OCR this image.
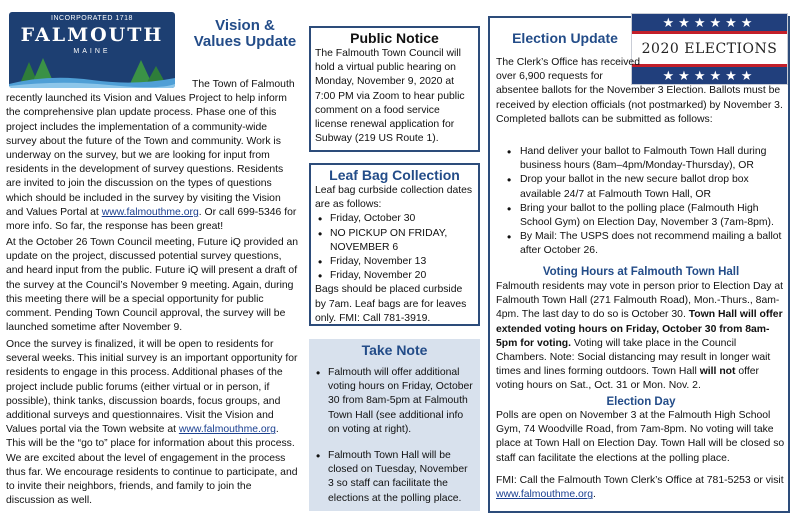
INCORPORATED 1718
FALMOUTH
MAINE
Vision & Values Update

The Town of Falmouth recently launched its Vision and Values Project to help inform the comprehensive plan update process. Phase one of this project includes the implementation of a community-wide survey about the future of the Town and community. Work is underway on the survey, but we are looking for input from residents in the development of survey questions. Residents are invited to join the discussion on the types of questions which should be included in the survey by visiting the Vision and Values Portal at www.falmouthme.org. Or call 699-5346 for more info. So far, the response has been great!

At the October 26 Town Council meeting, Future iQ provided an update on the project, discussed potential survey questions, and heard input from the public. Future iQ will present a draft of the survey at the Council’s November 9 meeting. Again, during this meeting there will be a special opportunity for public comment. Pending Town Council approval, the survey will be launched sometime after November 9.

Once the survey is finalized, it will be open to residents for several weeks. This initial survey is an important opportunity for residents to engage in this process. Additional phases of the project include public forums (either virtual or in person, if possible), think tanks, discussion boards, focus groups, and additional surveys and questionnaires. Visit the Vision and Values portal via the Town website at www.falmouthme.org. This will be the “go to” place for information about this process. We are excited about the level of engagement in the process thus far. We encourage residents to continue to participate, and to invite their neighbors, friends, and family to join the discussion as well.

Public Notice

The Falmouth Town Council will hold a virtual public hearing on Monday, November 9, 2020 at 7:00 PM via Zoom to hear public comment on a food service license renewal application for Subway (219 US Route 1).

Leaf Bag Collection

Leaf bag curbside collection dates are as follows:

• Friday, October 30
• NO PICKUP ON FRIDAY, NOVEMBER 6
• Friday, November 13
• Friday, November 20

Bags should be placed curbside by 7am. Leaf bags are for leaves only. FMI: Call 781-3919.

Take Note
• Falmouth will offer additional voting hours on Friday, October 30 from 8am-5pm at Falmouth Town Hall (see additional info on voting at right).
• Falmouth Town Hall will be closed on Tuesday, November 3 so staff can facilitate the elections at the polling place.
Election Update
★★★★★★
2020 ELECTIONS
★★★★★★

The Clerk’s Office has received over 6,900 requests for absentee ballots for the November 3 Election. Ballots must be received by election officials (not postmarked) by November 3. Completed ballots can be submitted as follows:

• Hand deliver your ballot to Falmouth Town Hall during business hours (8am–4pm/Monday-Thursday), OR
• Drop your ballot in the new secure ballot drop box available 24/7 at Falmouth Town Hall, OR
• Bring your ballot to the polling place (Falmouth High School Gym) on Election Day, November 3 (7am-8pm).
• By Mail: The USPS does not recommend mailing a ballot after October 26.
Voting Hours at Falmouth Town Hall

Falmouth residents may vote in person prior to Election Day at Falmouth Town Hall (271 Falmouth Road), Mon.-Thurs., 8am-4pm. The last day to do so is October 30. Town Hall will offer extended voting hours on Friday, October 30 from 8am-5pm for voting. Voting will take place in the Council Chambers. Note: Social distancing may result in longer wait times and lines forming outdoors. Town Hall will not offer voting hours on Sat., Oct. 31 or Mon. Nov. 2.

Election Day

Polls are open on November 3 at the Falmouth High School Gym, 74 Woodville Road, from 7am-8pm. No voting will take place at Town Hall on Election Day. Town Hall will be closed so staff can facilitate the elections at the polling place.

FMI: Call the Falmouth Town Clerk’s Office at 781-5253 or visit www.falmouthme.org.
